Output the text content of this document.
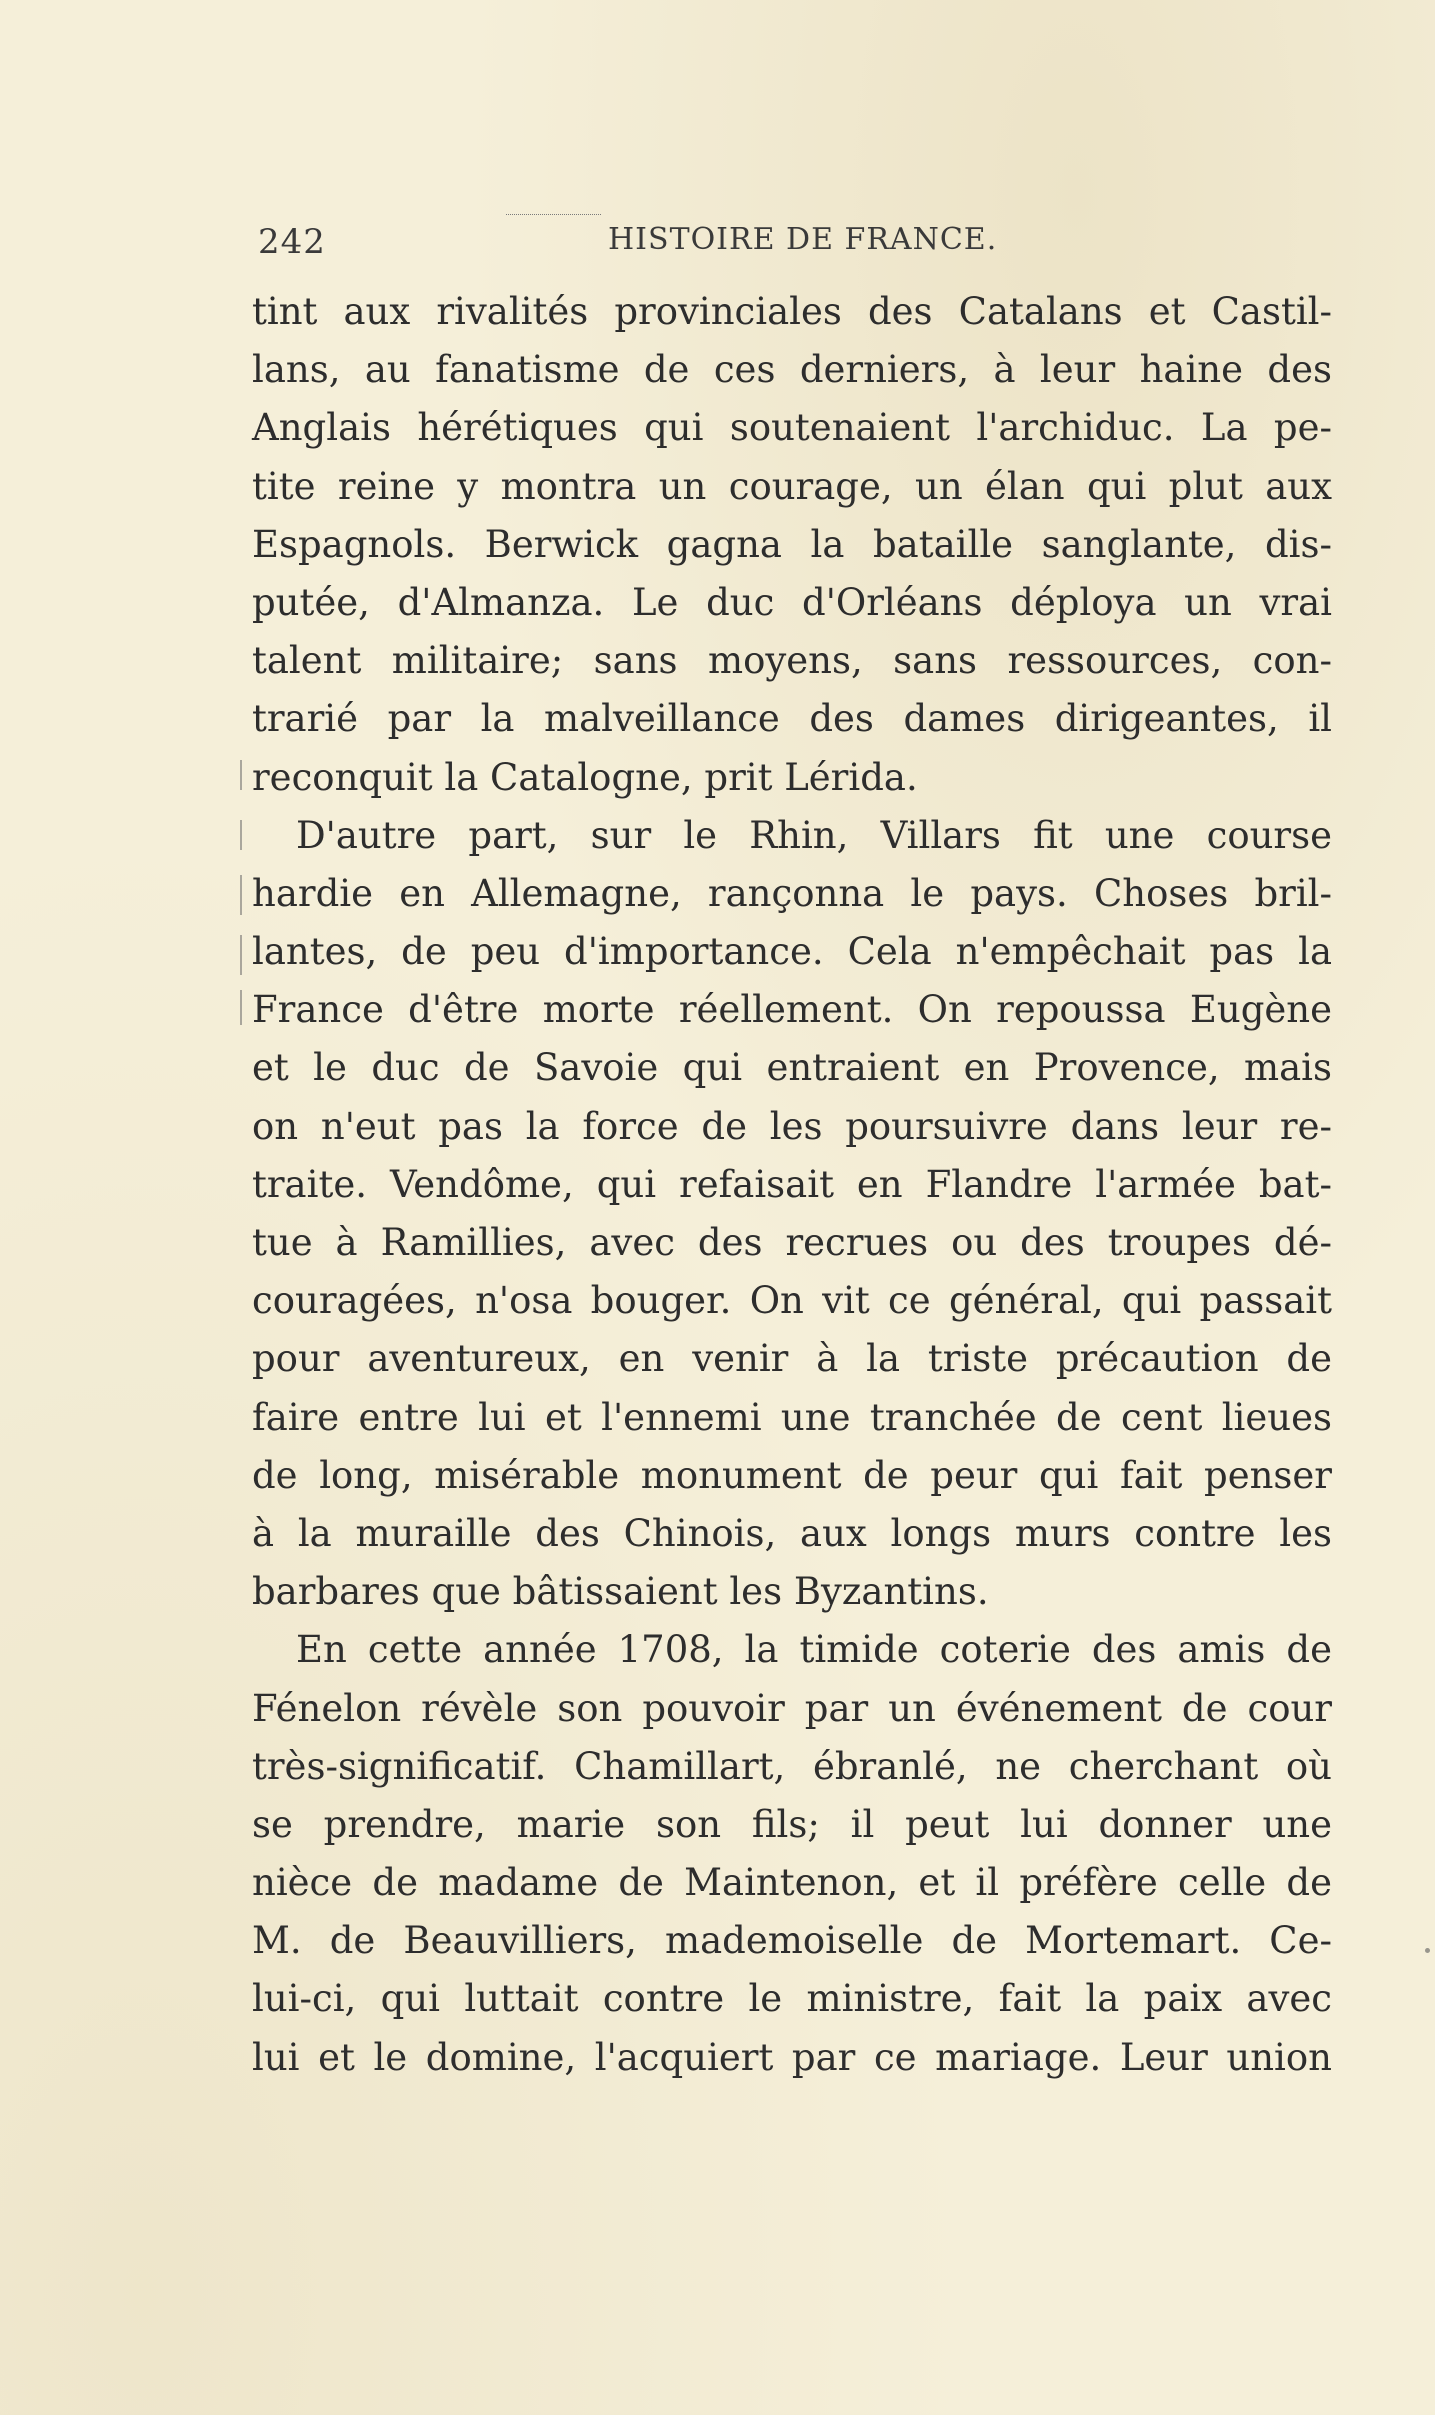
242	HISTOIRE DE FRANCE.
tint aux rivalités provinciales des Catalans et Castil-
lans, au fanatisme de ces derniers, à leur haine des
Anglais hérétiques qui soutenaient l'archiduc. La pe-
tite reine y montra un courage, un élan qui plut aux
Espagnols. Berwick gagna la bataille sanglante, dis-
putée, d'Almanza. Le duc d'Orléans déploya un vrai
talent militaire; sans moyens, sans ressources, con-
trarié par la malveillance des dames dirigeantes, il
reconquit la Catalogne, prit Lérida.
D'autre part, sur le Rhin, Villars fit une course
hardie en Allemagne, rançonna le pays. Choses bril-
lantes, de peu d'importance. Cela n'empêchait pas la
France d'être morte réellement. On repoussa Eugène
et le duc de Savoie qui entraient en Provence, mais
on n'eut pas la force de les poursuivre dans leur re-
traite. Vendôme, qui refaisait en Flandre l'armée bat-
tue à Ramillies, avec des recrues ou des troupes dé-
couragées, n'osa bouger. On vit ce général, qui passait
pour aventureux, en venir à la triste précaution de
faire entre lui et l'ennemi une tranchée de cent lieues
de long, misérable monument de peur qui fait penser
à la muraille des Chinois, aux longs murs contre les
barbares que bâtissaient les Byzantins.
En cette année 1708, la timide coterie des amis de
Fénelon révèle son pouvoir par un événement de cour
très-significatif. Chamillart, ébranlé, ne cherchant où
se prendre, marie son fils; il peut lui donner une
nièce de madame de Maintenon, et il préfère celle de
M. de Beauvilliers, mademoiselle de Mortemart. Ce-
lui-ci, qui luttait contre le ministre, fait la paix avec
lui et le domine, l'acquiert par ce mariage. Leur union
